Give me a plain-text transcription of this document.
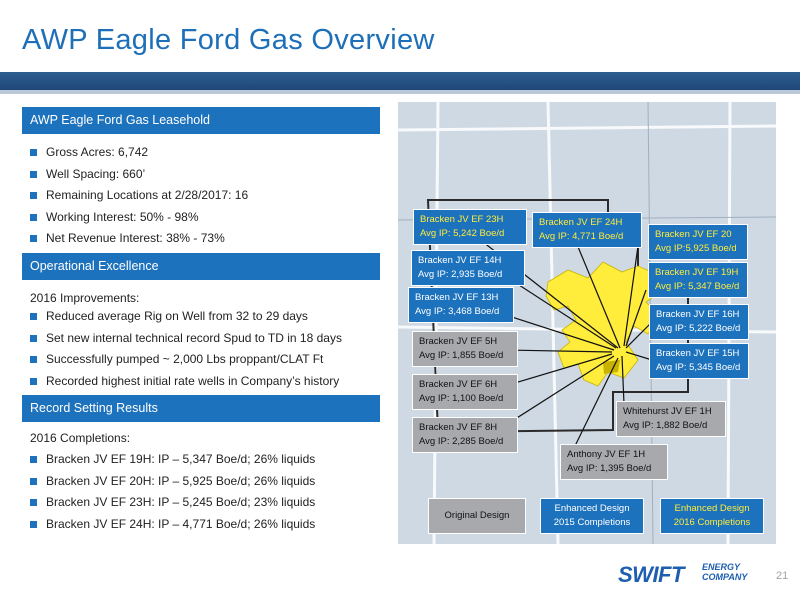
AWP Eagle Ford Gas Overview
AWP Eagle Ford Gas Leasehold
Gross Acres: 6,742
Well Spacing: 660’
Remaining Locations at 2/28/2017: 16
Working Interest: 50% - 98%
Net Revenue Interest: 38% - 73%
Operational Excellence
2016 Improvements:
Reduced average Rig on Well from 32 to 29 days
Set new internal technical record Spud to TD in 18 days
Successfully pumped ~ 2,000 Lbs proppant/CLAT Ft
Recorded highest initial rate wells in Company’s history
Record Setting Results
2016 Completions:
Bracken JV EF 19H: IP – 5,347 Boe/d; 26% liquids
Bracken JV EF 20H: IP – 5,925 Boe/d; 26% liquids
Bracken JV EF 23H: IP – 5,245 Boe/d; 23% liquids
Bracken JV EF 24H: IP – 4,771 Boe/d; 26% liquids
Bracken JV EF 23H
Avg IP: 5,242 Boe/d
Bracken JV EF 24H
Avg IP: 4,771 Boe/d	Bracken JV EF 20
Avg IP:5,925 Boe/d
Bracken JV EF 14H
Avg IP: 2,935 Boe/d	Bracken JV EF 19H
Avg IP: 5,347 Boe/d
Bracken JV EF 13H
Avg IP: 3,468 Boe/d	Bracken JV EF 16H
Avg IP: 5,222 Boe/d
Bracken JV EF 5H
Avg IP: 1,855 Boe/d	Bracken JV EF 15H
Avg IP: 5,345 Boe/d
Bracken JV EF 6H
Avg IP: 1,100 Boe/d
Whitehurst JV EF 1H
Avg IP: 1,882 Boe/d
Bracken JV EF 8H
Avg IP: 2,285 Boe/d
Anthony JV EF 1H
Avg IP: 1,395 Boe/d
Original Design
Enhanced Design
2015 Completions
Enhanced Design
2016 Completions
SWIFT ENERGY
COMPANY	21
